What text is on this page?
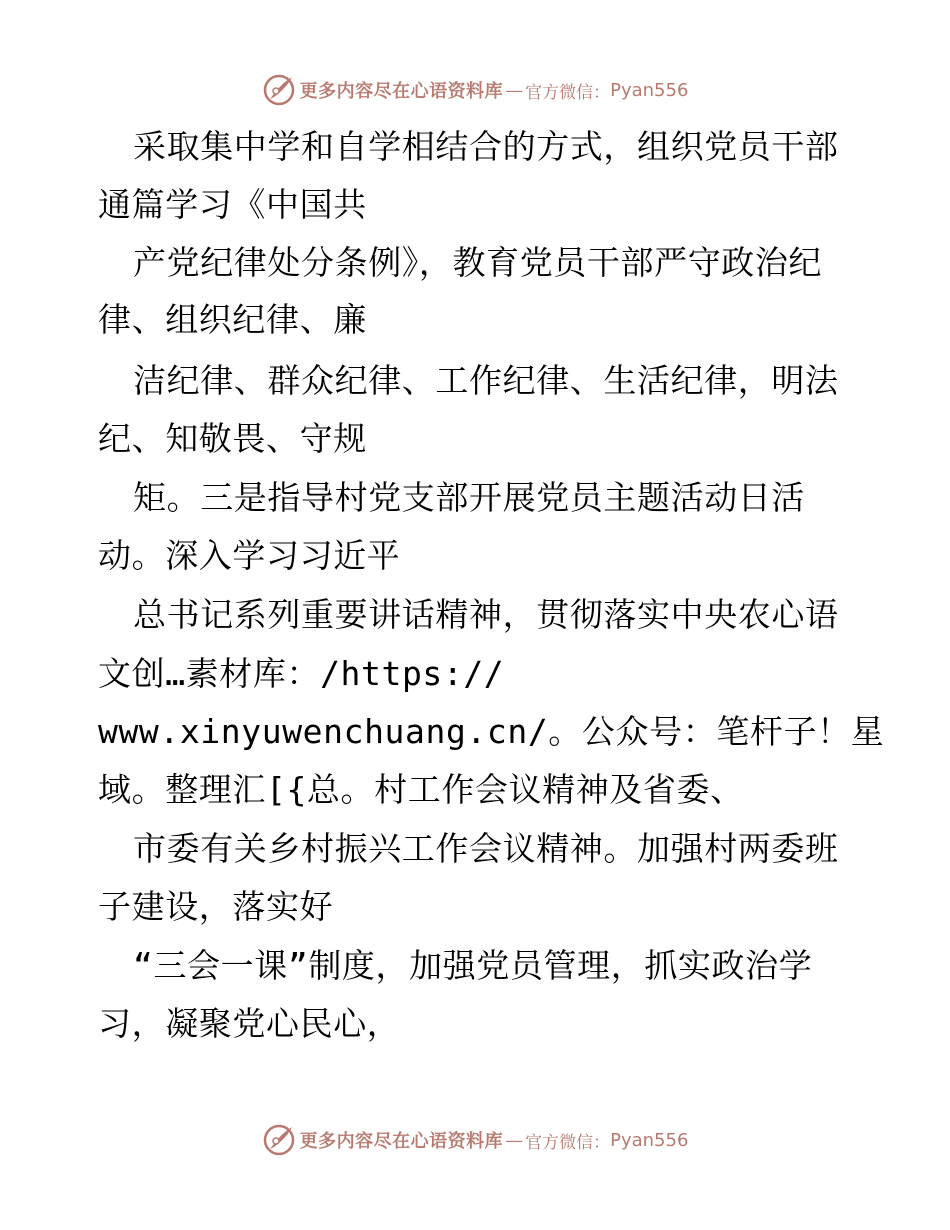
更多内容尽在心语资料库 — 官方微信： Pyan556
采取集中学和自学相结合的方式，组织党员干部
通篇学习《中国共
产党纪律处分条例》，教育党员干部严守政治纪
律、组织纪律、廉
洁纪律、群众纪律、工作纪律、生活纪律，明法
纪、知敬畏、守规
矩。三是指导村党支部开展党员主题活动日活
动。深入学习习近平
总书记系列重要讲话精神，贯彻落实中央农心语
文创…素材库：/https://
www.xinyuwenchuang.cn/。公众号：笔杆子！星
域。整理汇[{总。村工作会议精神及省委、
市委有关乡村振兴工作会议精神。加强村两委班
子建设，落实好
“三会一课”制度，加强党员管理，抓实政治学
习，凝聚党心民心，
更多内容尽在心语资料库 — 官方微信： Pyan556
